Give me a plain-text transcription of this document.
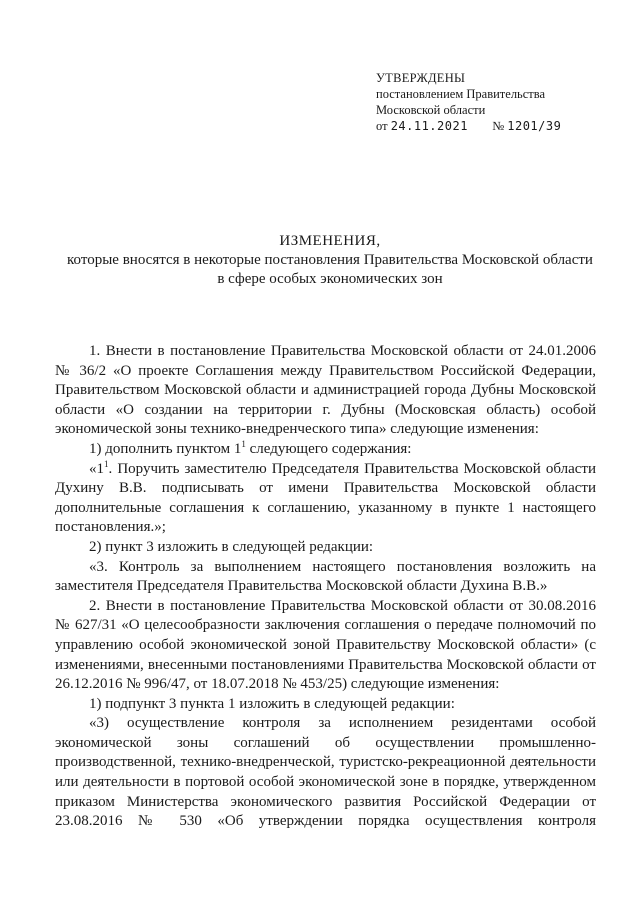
УТВЕРЖДЕНЫ
постановлением Правительства
Московской области
от 24.11.2021 № 1201/39
ИЗМЕНЕНИЯ,
которые вносятся в некоторые постановления Правительства Московской области
в сфере особых экономических зон

1. Внести в постановление Правительства Московской области от 24.01.2006 № 36/2 «О проекте Соглашения между Правительством Российской Федерации, Правительством Московской области и администрацией города Дубны Московской области «О создании на территории г. Дубны (Московская область) особой экономической зоны технико-внедренческого типа» следующие изменения:

1) дополнить пунктом $1^1$ следующего содержания:

«$1^1$. Поручить заместителю Председателя Правительства Московской области Духину В.В. подписывать от имени Правительства Московской области дополнительные соглашения к соглашению, указанному в пункте 1 настоящего постановления.»;

2) пункт 3 изложить в следующей редакции:

«3. Контроль за выполнением настоящего постановления возложить на заместителя Председателя Правительства Московской области Духина В.В.»

2. Внести в постановление Правительства Московской области от 30.08.2016 № 627/31 «О целесообразности заключения соглашения о передаче полномочий по управлению особой экономической зоной Правительству Московской области» (с изменениями, внесенными постановлениями Правительства Московской области от 26.12.2016 № 996/47, от 18.07.2018 № 453/25) следующие изменения:

1) подпункт 3 пункта 1 изложить в следующей редакции:

«3) осуществление контроля за исполнением резидентами особой экономической зоны соглашений об осуществлении промышленно-производственной, технико-внедренческой, туристско-рекреационной деятельности или деятельности в портовой особой экономической зоне в порядке, утвержденном приказом Министерства экономического развития Российской Федерации от 23.08.2016 № 530 «Об утверждении порядка осуществления контроля
